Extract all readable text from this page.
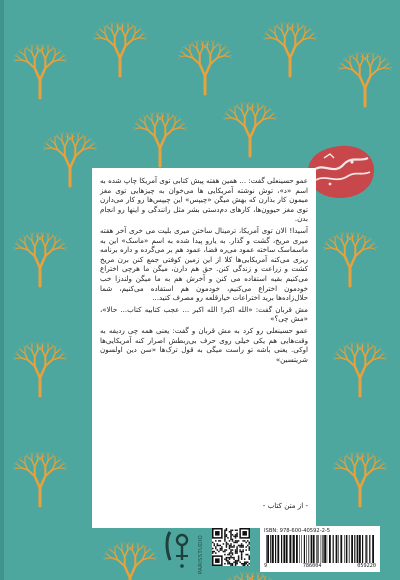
عمو حسینعلی گفت: ... همین هفته پیش کتابی توی آمریکا چاپ شده به اسم «د»، توش نوشته آمریکایی ها می‌خوان به چیزهایی توی مغز میمون کار بذارن که بهش میگن «چیپس» این چیپس‌ها رو کار می‌دارن توی مغز حیوون‌ها، کارهای دم‌دستی بشر مثل رانندگی و اینها رو انجام بدن.

آسیدا! الان توی آمریکا، ترمینال ساختن میری بلیت می خری آخر هفته میری مریخ، گشت و گذار. به یارو پیدا شده به اسم «ماسک» این به ماسماسک ساخته عمود می‌ره فضا، عمود هم بر می‌گرده و داره برنامه ریزی می‌کنه آمریکایی‌ها کلا از این زمین کوفتی جمع کنن برن مریخ کشت و زراعت و زندگی کنن. حق هم دارن، میگن ما هرچی اختراع می‌کنیم بقیه استفاده می کنن و آخرش هم به ما میگن ولندزا خب خودمون اختراع می‌کنیم، خودمون هم استفاده می‌کنیم، شما حلال‌زاده‌ها برید اختراعات خیارقلعه رو مصرف کنید...

مش قربان گفت: «الله اکبر! الله اکبر ... عجب کتابیه کتاب... حالا»، «مش چی؟»

عمو حسینعلی رو کرد به مش قربان و گفت: یعنی همه چی ردیفه به وقت‌هایی هم یکی خیلی روی حرف بی‌ربطش اصرار کنه آمریکایی‌ها اوکی. یعنی باشه تو راست میگی به قول ترک‌ها «سن دین اولسون شریتسین»

- از متن کتاب -
PARISSTUDIO
ISBN: 978-600-40592-2-5
9	786004	059220
